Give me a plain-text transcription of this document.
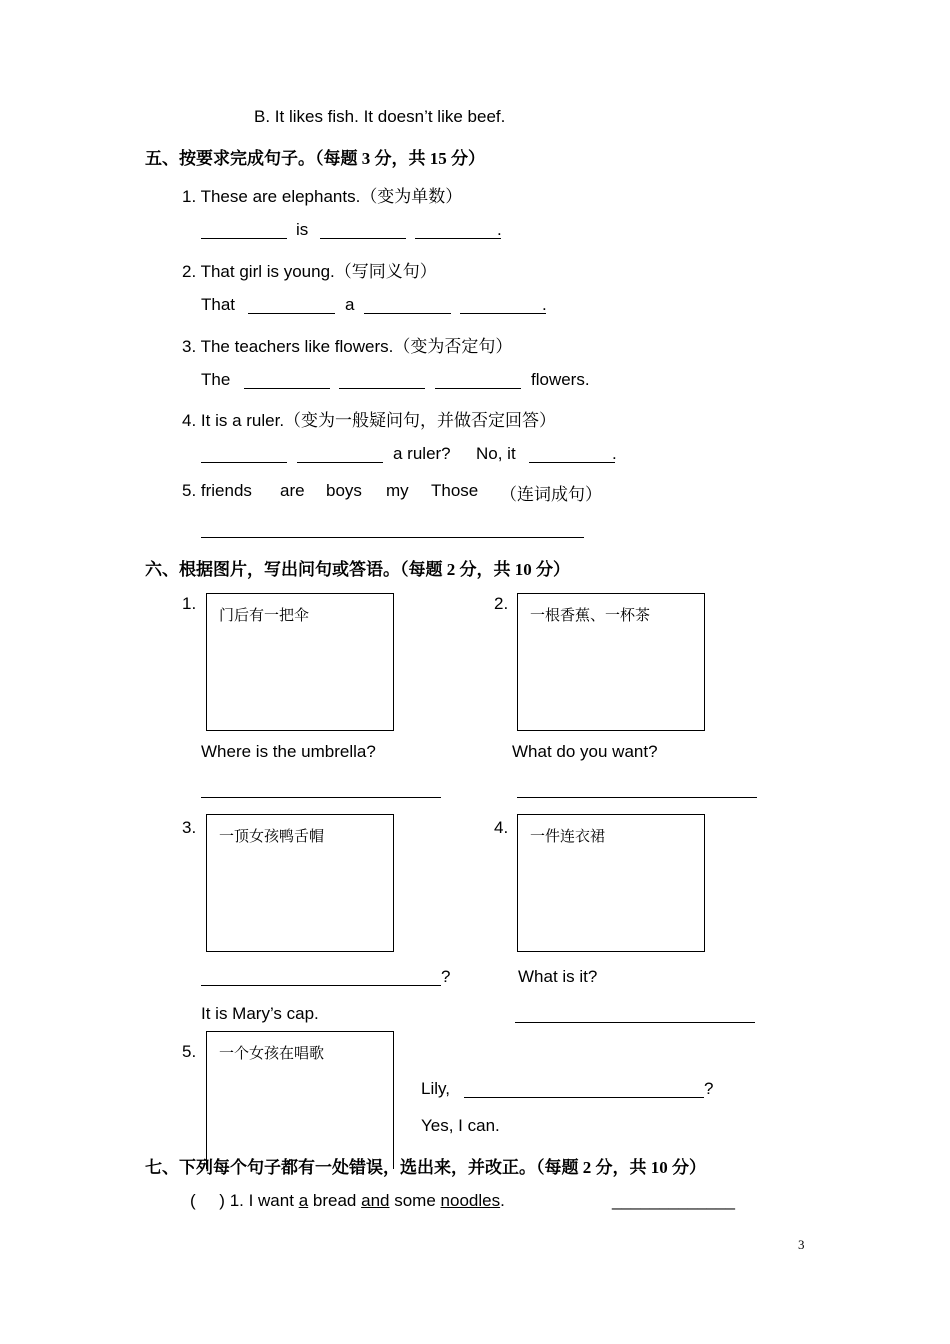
B. It likes fish. It doesn’t like beef.
五、按要求完成句子。（每题 3 分，共 15 分）
1. These are elephants.（变为单数）
is	.
2. That girl is young.（写同义句）
That	a	.
3. The teachers like flowers.（变为否定句）
The	flowers.
4. It is a ruler.（变为一般疑问句，并做否定回答）
a ruler? No, it	.
5. friends are boys my Those （连词成句）
六、根据图片，写出问句或答语。（每题 2 分，共 10 分）
1.
门后有一把伞
Where is the umbrella?
2.
一根香蕉、一杯茶
What do you want?
3. 一顶女孩鸭舌帽
?
It is Mary’s cap.
4. 一件连衣裙
What is it?
5. 一个女孩在唱歌
Lily,	?
Yes, I can.
七、下列每个句子都有一处错误，选出来，并改正。（每题 2 分，共 10 分）
(     ) 1. I want a bread and some noodles.	_____________
3
